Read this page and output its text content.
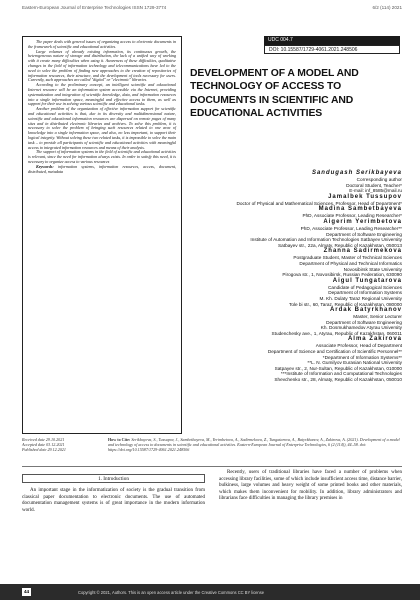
Eastern-European Journal of Enterprise Technologies ISSN 1729-3774	6/2 (114) 2021

The paper deals with general issues of organizing access to electronic documents in the framework of scientific and educational activities.

Large volumes of already existing information, its continuous growth, the heterogeneous nature of storage and distribution, the lack of a unified way of working with it create many difficulties when using it. Awareness of these difficulties, qualitative changes in the field of information technology and telecommunications have led to the need to solve the problem of finding new approaches to the creation of repositories of information resources, their structure, and the development of tools necessary for users. Currently, such approaches are called "digital" or "electronic" libraries.

According to the preliminary concept, an intelligent scientific and educational Internet resource will be an information system accessible via the Internet, providing systematization and integration of scientific knowledge, data, and information resources into a single information space, meaningful and effective access to them, as well as support for their use in solving various scientific and educational tasks.

Another problem of the organization of effective information support for scientific and educational activities is that, due to its diversity and multidimensional nature, scientific and educational information resources are dispersed on remote pages of many sites and in distributed electronic libraries and archives. To solve this problem, it is necessary to solve the problem of bringing such resources related to one area of knowledge into a single information space, and also, no less important, to support their logical integrity. Without solving these two related tasks, it is impossible to solve the main task – to provide all participants of scientific and educational activities with meaningful access to integrated information resources and means of their analysis.

The support of information systems in the field of scientific and educational activities is relevant, since the need for information always exists. In order to satisfy this need, it is necessary to organize access to various resources

Keywords: information systems, information resources, access, document, distributed, metadata

UDC 004.7
DOI: 10.15587/1729-4061.2021.248506
DEVELOPMENT OF A MODEL AND TECHNOLOGY OF ACCESS TO DOCUMENTS IN SCIENTIFIC AND EDUCATIONAL ACTIVITIES
Sandugash Serikbayeva
Corresponding author
Doctoral Student, Teacher*
E-mail: inf_8585@mail.ru
Jamalbek Tussupov
Doctor of Physical and Mathematical Sciences, Professor, Head of Department*
Madina Sambetbayeva
PhD, Associate Professor, Leading Researcher*
Aigerim Yerimbetova
PhD, Associate Professor, Leading Researcher**
Department of Software Engineering
Institute of Automation and Information Technologies Satbayev University
Satbayev str., 22a, Almaty, Republic of Kazakhstan, 050013
Zhanna Sadirmekova
Postgraduate Student, Master of Technical Sciences
Department of Physical and Technical Informatics
Novosibirsk State University
Pirogova str., 1, Novosibirsk, Russian Federation, 630090
Aigul Tungatarova
Candidate of Pedagogical Sciences
Department of Information Systems
M. Kh. Dulaty Taraz Regional University
Tole bi str., 60, Taraz, Republic of Kazakhstan, 080000
Ardak Batyrkhanov
Master, Senior Lecturer
Department of Software Engineering
Kh. Dosmukhamedov Atyrau University
Studenchesky ave., 1, Atyrau, Republic of Kazakhstan, 060011
Alma Zakirova
Associate Professor, Head of Department
Department of Science and Certification of Scientific Personnel**
*Department of Information Systems**
**L. N. Gumilyov Eurasian National University
Satpayev str., 2, Nur-Sultan, Republic of Kazakhstan, 010000
***Institute of Information and Computational Technologies
Shevchenko str., 28, Almaty, Republic of Kazakhstan, 050010
Received date 29.10.2021
Accepted date 03.12.2021
Published date 29.12.2021
How to Cite: Serikbayeva, S., Tussupov, J., Sambetbayeva, M., Yerimbetova, A., Sadirmekova, Z., Tungatarova, A., Batyrkhanov, A., Zakirova, A. (2021). Development of a model and technology of access to documents in scientific and educational activities. Eastern-European Journal of Enterprise Technologies, 6 (2 (114)), 44–58. doi: https://doi.org/10.15587/1729-4061.2021.248506
1. Introduction
An important stage in the informatization of society is the gradual transition from classical paper documentation to electronic documents. The use of automated documentation management systems is of great importance in the modern information world.
Recently, users of traditional libraries have faced a number of problems when accessing library facilities, some of which include insufficient access time, distance barrier, bulkiness, large volumes and heavy weight of some printed books and other materials, which makes them inconvenient for mobility. In addition, library administrators and librarians face difficulties in managing the library premises in
44	Copyright © 2021, Authors. This is an open access article under the Creative Commons CC BY license
